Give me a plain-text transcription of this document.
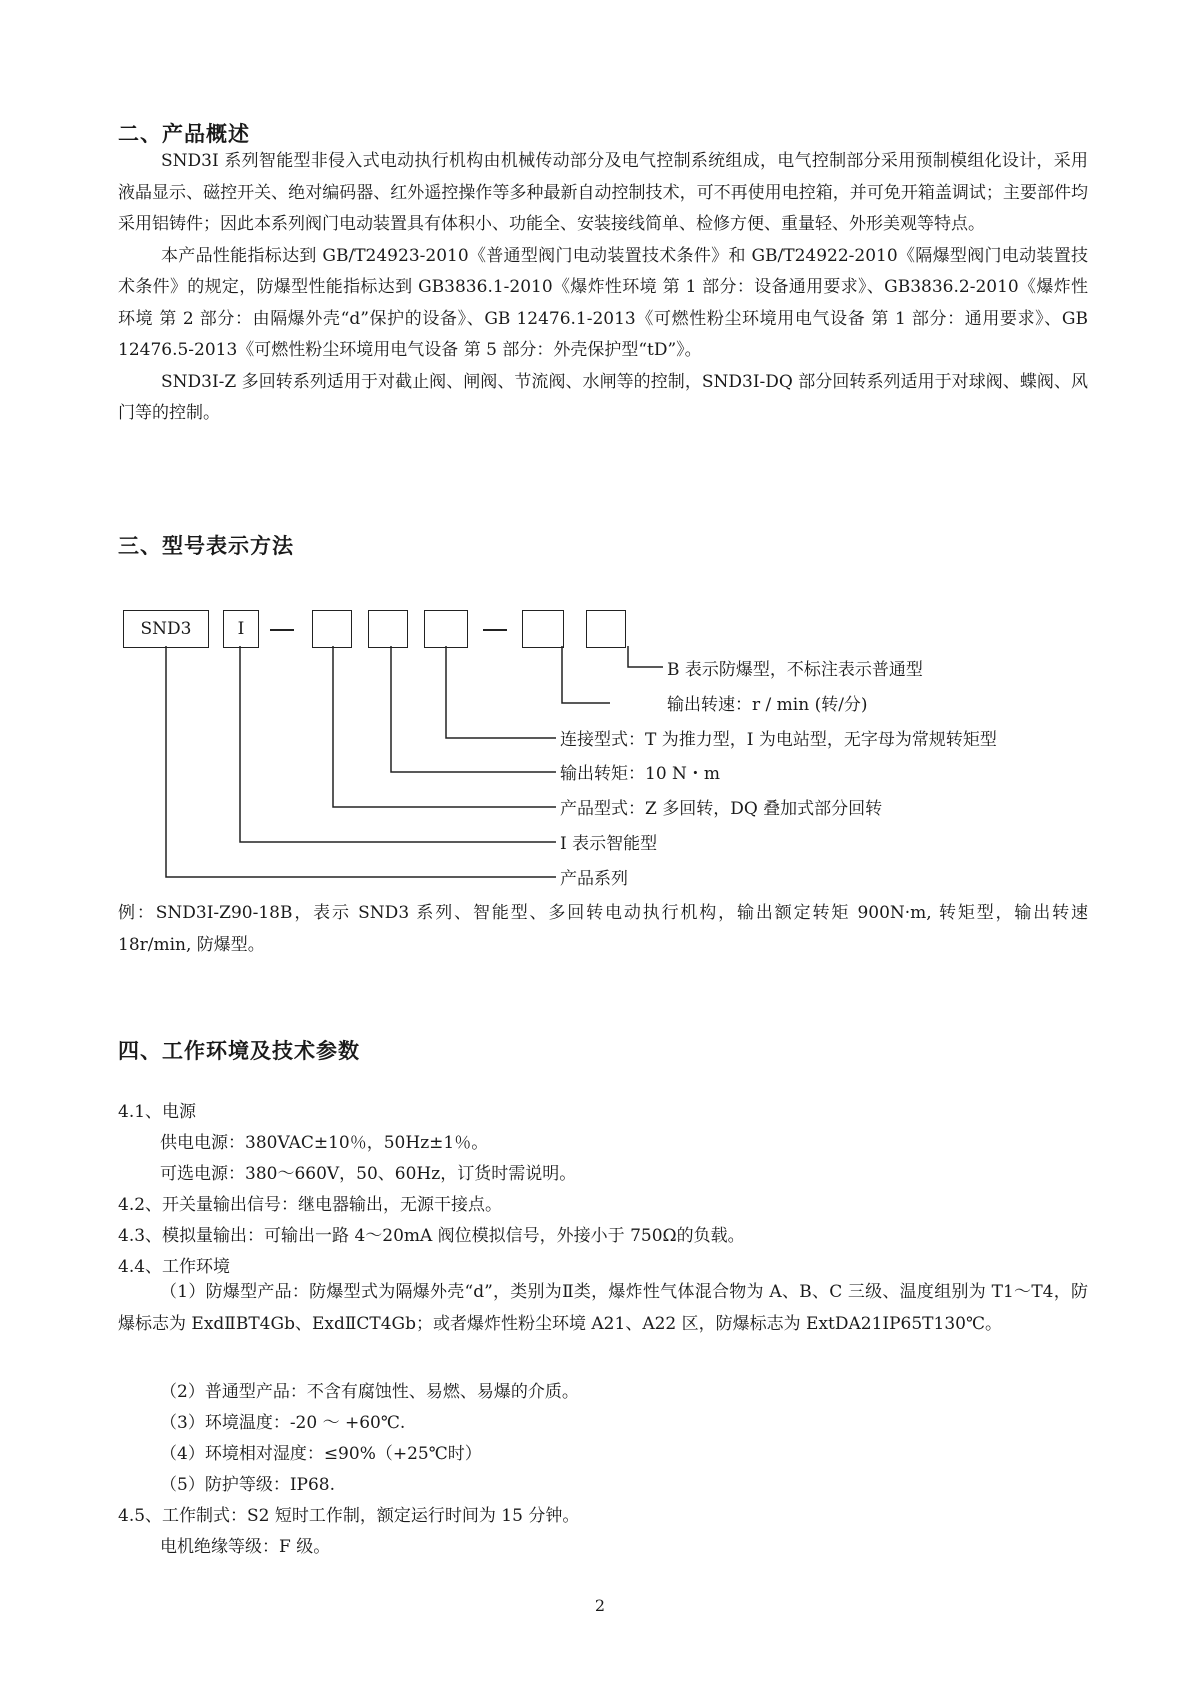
二、产品概述

SND3I 系列智能型非侵入式电动执行机构由机械传动部分及电气控制系统组成，电气控制部分采用预制模组化设计，采用液晶显示、磁控开关、绝对编码器、红外遥控操作等多种最新自动控制技术，可不再使用电控箱，并可免开箱盖调试；主要部件均采用铝铸件；因此本系列阀门电动装置具有体积小、功能全、安装接线简单、检修方便、重量轻、外形美观等特点。

本产品性能指标达到 GB/T24923-2010《普通型阀门电动装置技术条件》和 GB/T24922-2010《隔爆型阀门电动装置技术条件》的规定，防爆型性能指标达到 GB3836.1-2010《爆炸性环境 第 1 部分：设备通用要求》、GB3836.2-2010《爆炸性环境 第 2 部分：由隔爆外壳“d”保护的设备》、GB 12476.1-2013《可燃性粉尘环境用电气设备 第 1 部分：通用要求》、GB 12476.5-2013《可燃性粉尘环境用电气设备 第 5 部分：外壳保护型“tD”》。

SND3I-Z 多回转系列适用于对截止阀、闸阀、节流阀、水闸等的控制，SND3I-DQ 部分回转系列适用于对球阀、蝶阀、风门等的控制。

三、型号表示方法
SND3	I
B 表示防爆型，不标注表示普通型
输出转速：r / min (转/分)
连接型式：T 为推力型，I 为电站型，无字母为常规转矩型
输出转矩：10 N・m
产品型式：Z 多回转，DQ 叠加式部分回转
I 表示智能型
产品系列
例：SND3I-Z90-18B，表示 SND3 系列、智能型、多回转电动执行机构，输出额定转矩 900N·m, 转矩型，输出转速 18r/min, 防爆型。
四、工作环境及技术参数
4.1、电源
供电电源：380VAC±10％，50Hz±1％。
可选电源：380～660V，50、60Hz，订货时需说明。
4.2、开关量输出信号：继电器输出，无源干接点。
4.3、模拟量输出：可输出一路 4～20mA 阀位模拟信号，外接小于 750Ω的负载。
4.4、工作环境
（1）防爆型产品：防爆型式为隔爆外壳“d”，类别为Ⅱ类，爆炸性气体混合物为 A、B、C 三级、温度组别为 T1～T4，防爆标志为 ExdⅡBT4Gb、ExdⅡCT4Gb；或者爆炸性粉尘环境 A21、A22 区，防爆标志为 ExtDA21IP65T130℃。
（2）普通型产品：不含有腐蚀性、易燃、易爆的介质。
（3）环境温度：-20 ～ +60℃.
（4）环境相对湿度：≤90%（+25℃时）
（5）防护等级：IP68.
4.5、工作制式：S2 短时工作制，额定运行时间为 15 分钟。
电机绝缘等级：F 级。
2
